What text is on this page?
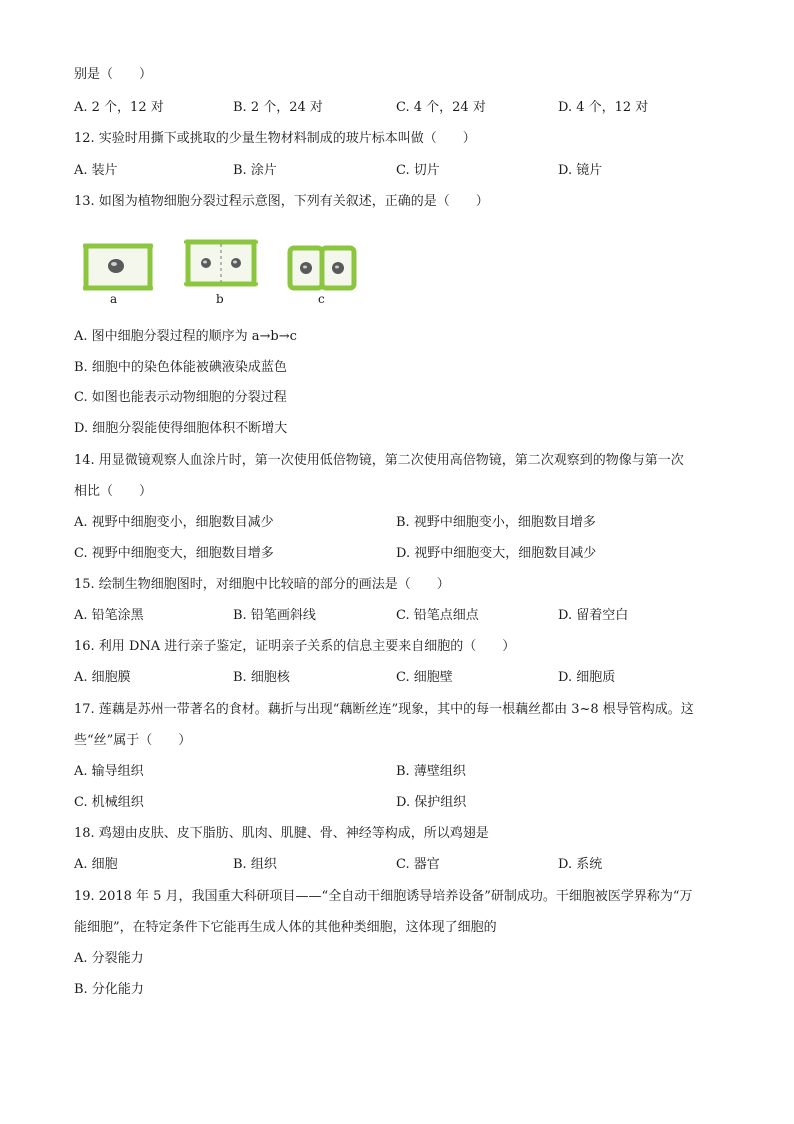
别是（　　）
A. 2 个，12 对	B. 2 个，24 对	C. 4 个，24 对	D. 4 个，12 对
12. 实验时用撕下或挑取的少量生物材料制成的玻片标本叫做（　　）
A. 装片	B. 涂片	C. 切片	D. 镜片
13. 如图为植物细胞分裂过程示意图，下列有关叙述，正确的是（　　）
a	b	c
A. 图中细胞分裂过程的顺序为 a→b→c
B. 细胞中的染色体能被碘液染成蓝色
C. 如图也能表示动物细胞的分裂过程
D. 细胞分裂能使得细胞体积不断增大
14. 用显微镜观察人血涂片时，第一次使用低倍物镜，第二次使用高倍物镜，第二次观察到的物像与第一次
相比（　　）
A. 视野中细胞变小，细胞数目减少	B. 视野中细胞变小，细胞数目增多
C. 视野中细胞变大，细胞数目增多	D. 视野中细胞变大，细胞数目减少
15. 绘制生物细胞图时，对细胞中比较暗的部分的画法是（　　）
A. 铅笔涂黑	B. 铅笔画斜线	C. 铅笔点细点	D. 留着空白
16. 利用 DNA 进行亲子鉴定，证明亲子关系的信息主要来自细胞的（　　）
A. 细胞膜	B. 细胞核	C. 细胞壁	D. 细胞质
17. 莲藕是苏州一带著名的食材。藕折与出现“藕断丝连”现象，其中的每一根藕丝都由 3~8 根导管构成。这
些“丝”属于（　　）
A. 输导组织	B. 薄壁组织
C. 机械组织	D. 保护组织
18. 鸡翅由皮肤、皮下脂肪、肌肉、肌腱、骨、神经等构成，所以鸡翅是
A. 细胞	B. 组织	C. 器官	D. 系统
19. 2018 年 5 月，我国重大科研项目——“全自动干细胞诱导培养设备”研制成功。干细胞被医学界称为“万
能细胞”，在特定条件下它能再生成人体的其他种类细胞，这体现了细胞的
A. 分裂能力
B. 分化能力
